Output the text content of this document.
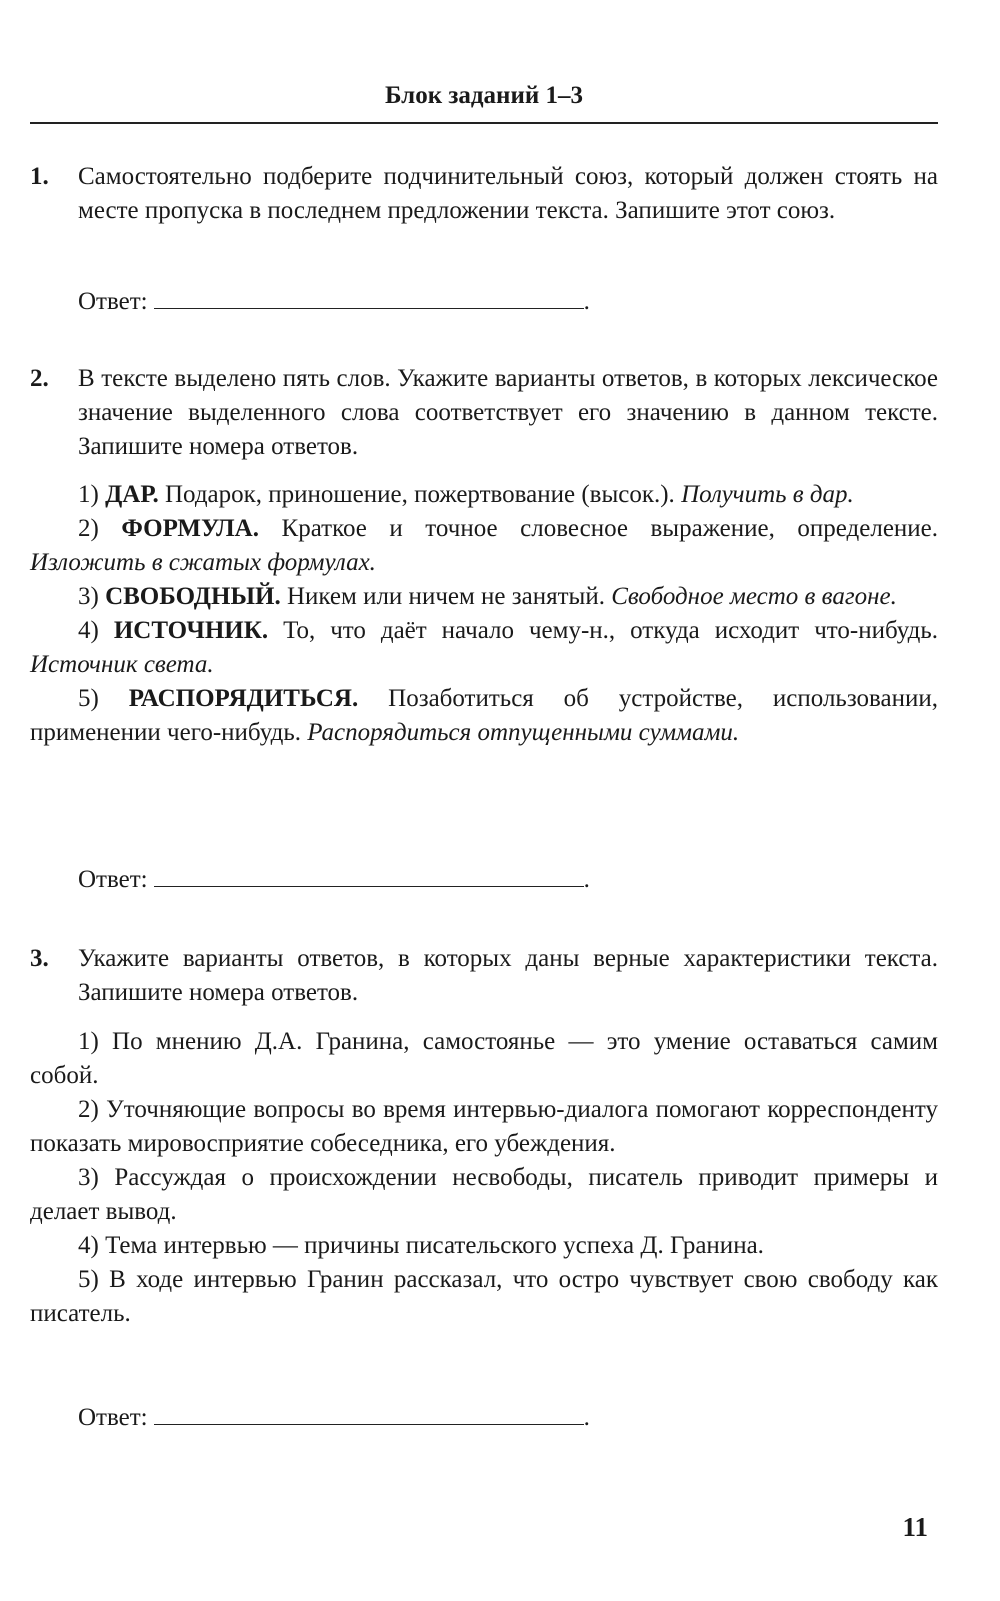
Блок заданий 1–3
1. Самостоятельно подберите подчинительный союз, который должен стоять на месте пропуска в последнем предложении текста. Запишите этот союз.
Ответ:	.
2. В тексте выделено пять слов. Укажите варианты ответов, в которых лексическое значение выделенного слова соответствует его значению в данном тексте. Запишите номера ответов.

1) ДАР. Подарок, приношение, пожертвование (высок.). Получить в дар.

2) ФОРМУЛА. Краткое и точное словесное выражение, определение. Изложить в сжатых формулах.

3) СВОБОДНЫЙ. Никем или ничем не занятый. Свободное место в вагоне.

4) ИСТОЧНИК. То, что даёт начало чему-н., откуда исходит что-нибудь. Источник света.

5) РАСПОРЯДИТЬСЯ. Позаботиться об устройстве, использовании, применении чего-нибудь. Распорядиться отпущенными суммами.

Ответ:	.
3. Укажите варианты ответов, в которых даны верные характеристики текста. Запишите номера ответов.

1) По мнению Д.А. Гранина, самостоянье — это умение оставаться самим собой.

2) Уточняющие вопросы во время интервью-диалога помогают корреспонденту показать мировосприятие собеседника, его убеждения.

3) Рассуждая о происхождении несвободы, писатель приводит примеры и делает вывод.

4) Тема интервью — причины писательского успеха Д. Гранина.

5) В ходе интервью Гранин рассказал, что остро чувствует свою свободу как писатель.

Ответ:	.
11
